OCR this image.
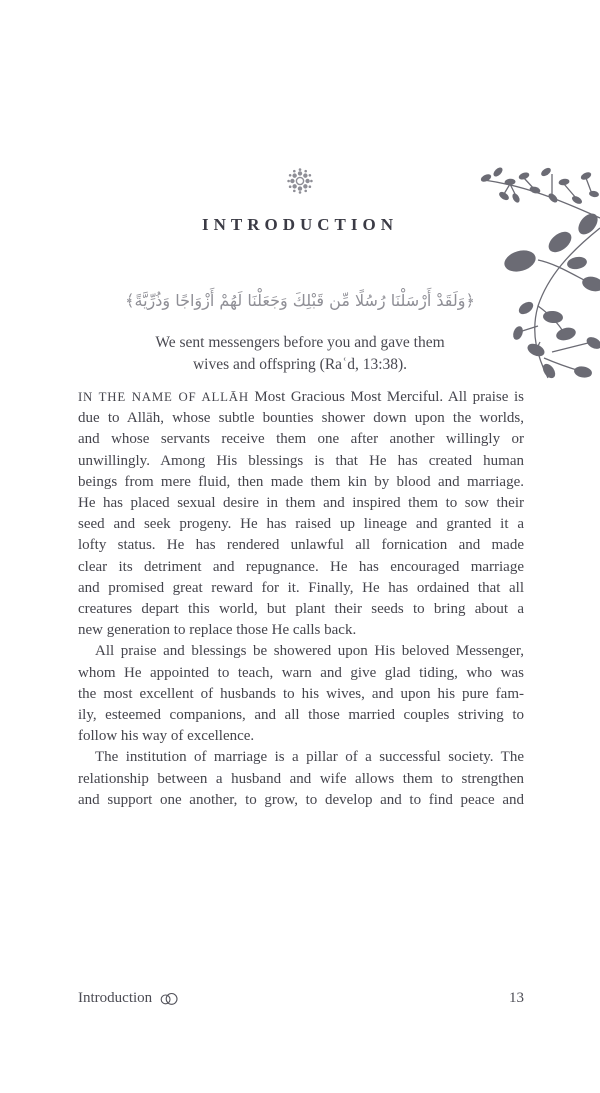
INTRODUCTION
﴿وَلَقَدْ أَرْسَلْنَا رُسُلًا مِّن قَبْلِكَ وَجَعَلْنَا لَهُمْ أَزْوَاجًا وَذُرِّيَّةً﴾
We sent messengers before you and gave them
wives and offspring (Raʿd, 13:38).
IN THE NAME OF ALLĀH Most Gracious Most Merciful. All praise is
due to Allāh, whose subtle bounties shower down upon the worlds,
and whose servants receive them one after another willingly or
unwillingly. Among His blessings is that He has created human
beings from mere fluid, then made them kin by blood and marriage.
He has placed sexual desire in them and inspired them to sow their
seed and seek progeny. He has raised up lineage and granted it a
lofty status. He has rendered unlawful all fornication and made
clear its detriment and repugnance. He has encouraged marriage
and promised great reward for it. Finally, He has ordained that all
creatures depart this world, but plant their seeds to bring about a
new generation to replace those He calls back.
All praise and blessings be showered upon His beloved Messenger,
whom He appointed to teach, warn and give glad tiding, who was
the most excellent of husbands to his wives, and upon his pure fam-
ily, esteemed companions, and all those married couples striving to
follow his way of excellence.
The institution of marriage is a pillar of a successful society. The
relationship between a husband and wife allows them to strengthen
and support one another, to grow, to develop and to find peace and
Introduction	13
